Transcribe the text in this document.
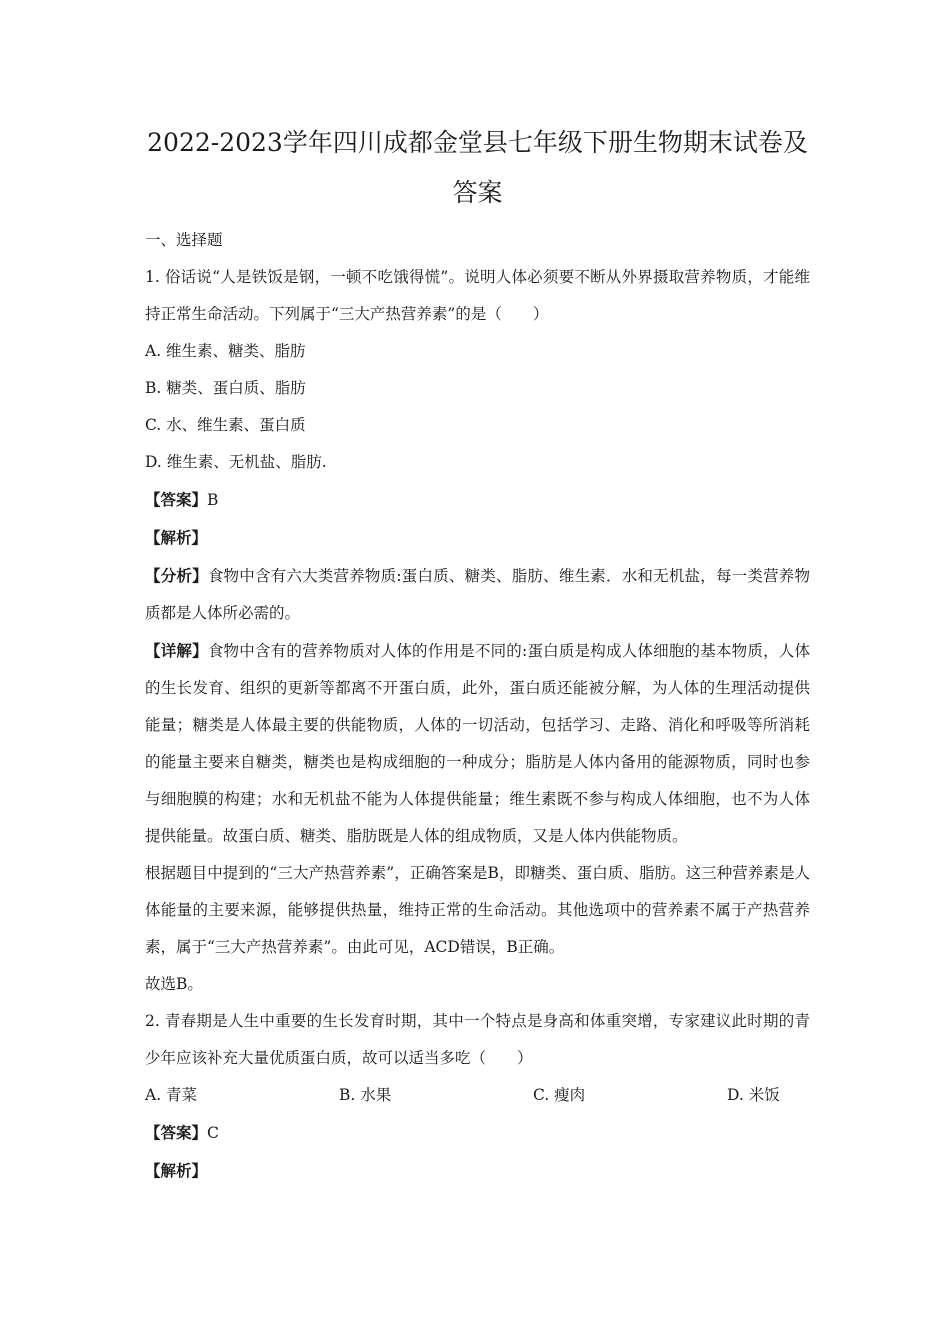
2022-2023学年四川成都金堂县七年级下册生物期末试卷及
答案

一、选择题

1. 俗话说“人是铁饭是钢，一顿不吃饿得慌”。说明人体必须要不断从外界摄取营养物质，才能维持正常生命活动。下列属于“三大产热营养素”的是（　　）

A. 维生素、糖类、脂肪

B. 糖类、蛋白质、脂肪

C. 水、维生素、蛋白质

D. 维生素、无机盐、脂肪.

【答案】B

【解析】

【分析】食物中含有六大类营养物质:蛋白质、糖类、脂肪、维生素．水和无机盐，每一类营养物质都是人体所必需的。

【详解】食物中含有的营养物质对人体的作用是不同的:蛋白质是构成人体细胞的基本物质，人体的生长发育、组织的更新等都离不开蛋白质，此外，蛋白质还能被分解，为人体的生理活动提供能量；糖类是人体最主要的供能物质，人体的一切活动，包括学习、走路、消化和呼吸等所消耗的能量主要来自糖类，糖类也是构成细胞的一种成分；脂肪是人体内备用的能源物质，同时也参与细胞膜的构建；水和无机盐不能为人体提供能量；维生素既不参与构成人体细胞，也不为人体提供能量。故蛋白质、糖类、脂肪既是人体的组成物质，又是人体内供能物质。

根据题目中提到的“三大产热营养素”，正确答案是B，即糖类、蛋白质、脂肪。这三种营养素是人体能量的主要来源，能够提供热量，维持正常的生命活动。其他选项中的营养素不属于产热营养素，属于“三大产热营养素”。由此可见，ACD错误，B正确。

故选B。

2. 青春期是人生中重要的生长发育时期，其中一个特点是身高和体重突增，专家建议此时期的青少年应该补充大量优质蛋白质，故可以适当多吃（　　）

A. 青菜	B. 水果	C. 瘦肉	D. 米饭

【答案】C

【解析】
